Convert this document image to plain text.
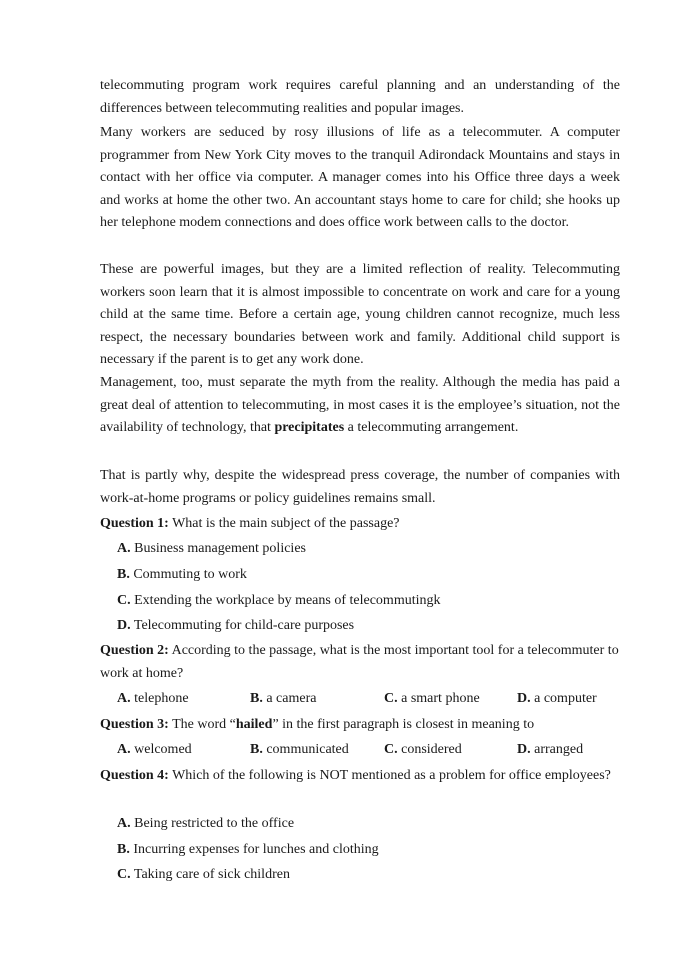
telecommuting program work requires careful planning and an understanding of the differences between telecommuting realities and popular images.

Many workers are seduced by rosy illusions of life as a telecommuter. A computer programmer from New York City moves to the tranquil Adirondack Mountains and stays in contact with her office via computer. A manager comes into his Office three days a week and works at home the other two. An accountant stays home to care for child; she hooks up her telephone modem connections and does office work between calls to the doctor.

These are powerful images, but they are a limited reflection of reality. Telecommuting workers soon learn that it is almost impossible to concentrate on work and care for a young child at the same time. Before a certain age, young children cannot recognize, much less respect, the necessary boundaries between work and family. Additional child support is necessary if the parent is to get any work done.

Management, too, must separate the myth from the reality. Although the media has paid a great deal of attention to telecommuting, in most cases it is the employee’s situation, not the availability of technology, that precipitates a telecommuting arrangement.

That is partly why, despite the widespread press coverage, the number of companies with work-at-home programs or policy guidelines remains small.

Question 1: What is the main subject of the passage?

A. Business management policies

B. Commuting to work

C. Extending the workplace by means of telecommutingk

D. Telecommuting for child-care purposes

Question 2: According to the passage, what is the most important tool for a telecommuter to work at home?

A. telephone	B. a camera	C. a smart phone	D. a computer

Question 3: The word “hailed” in the first paragraph is closest in meaning to

A. welcomed	B. communicated	C. considered	D. arranged

Question 4: Which of the following is NOT mentioned as a problem for office employees?

A. Being restricted to the office

B. Incurring expenses for lunches and clothing

C. Taking care of sick children
